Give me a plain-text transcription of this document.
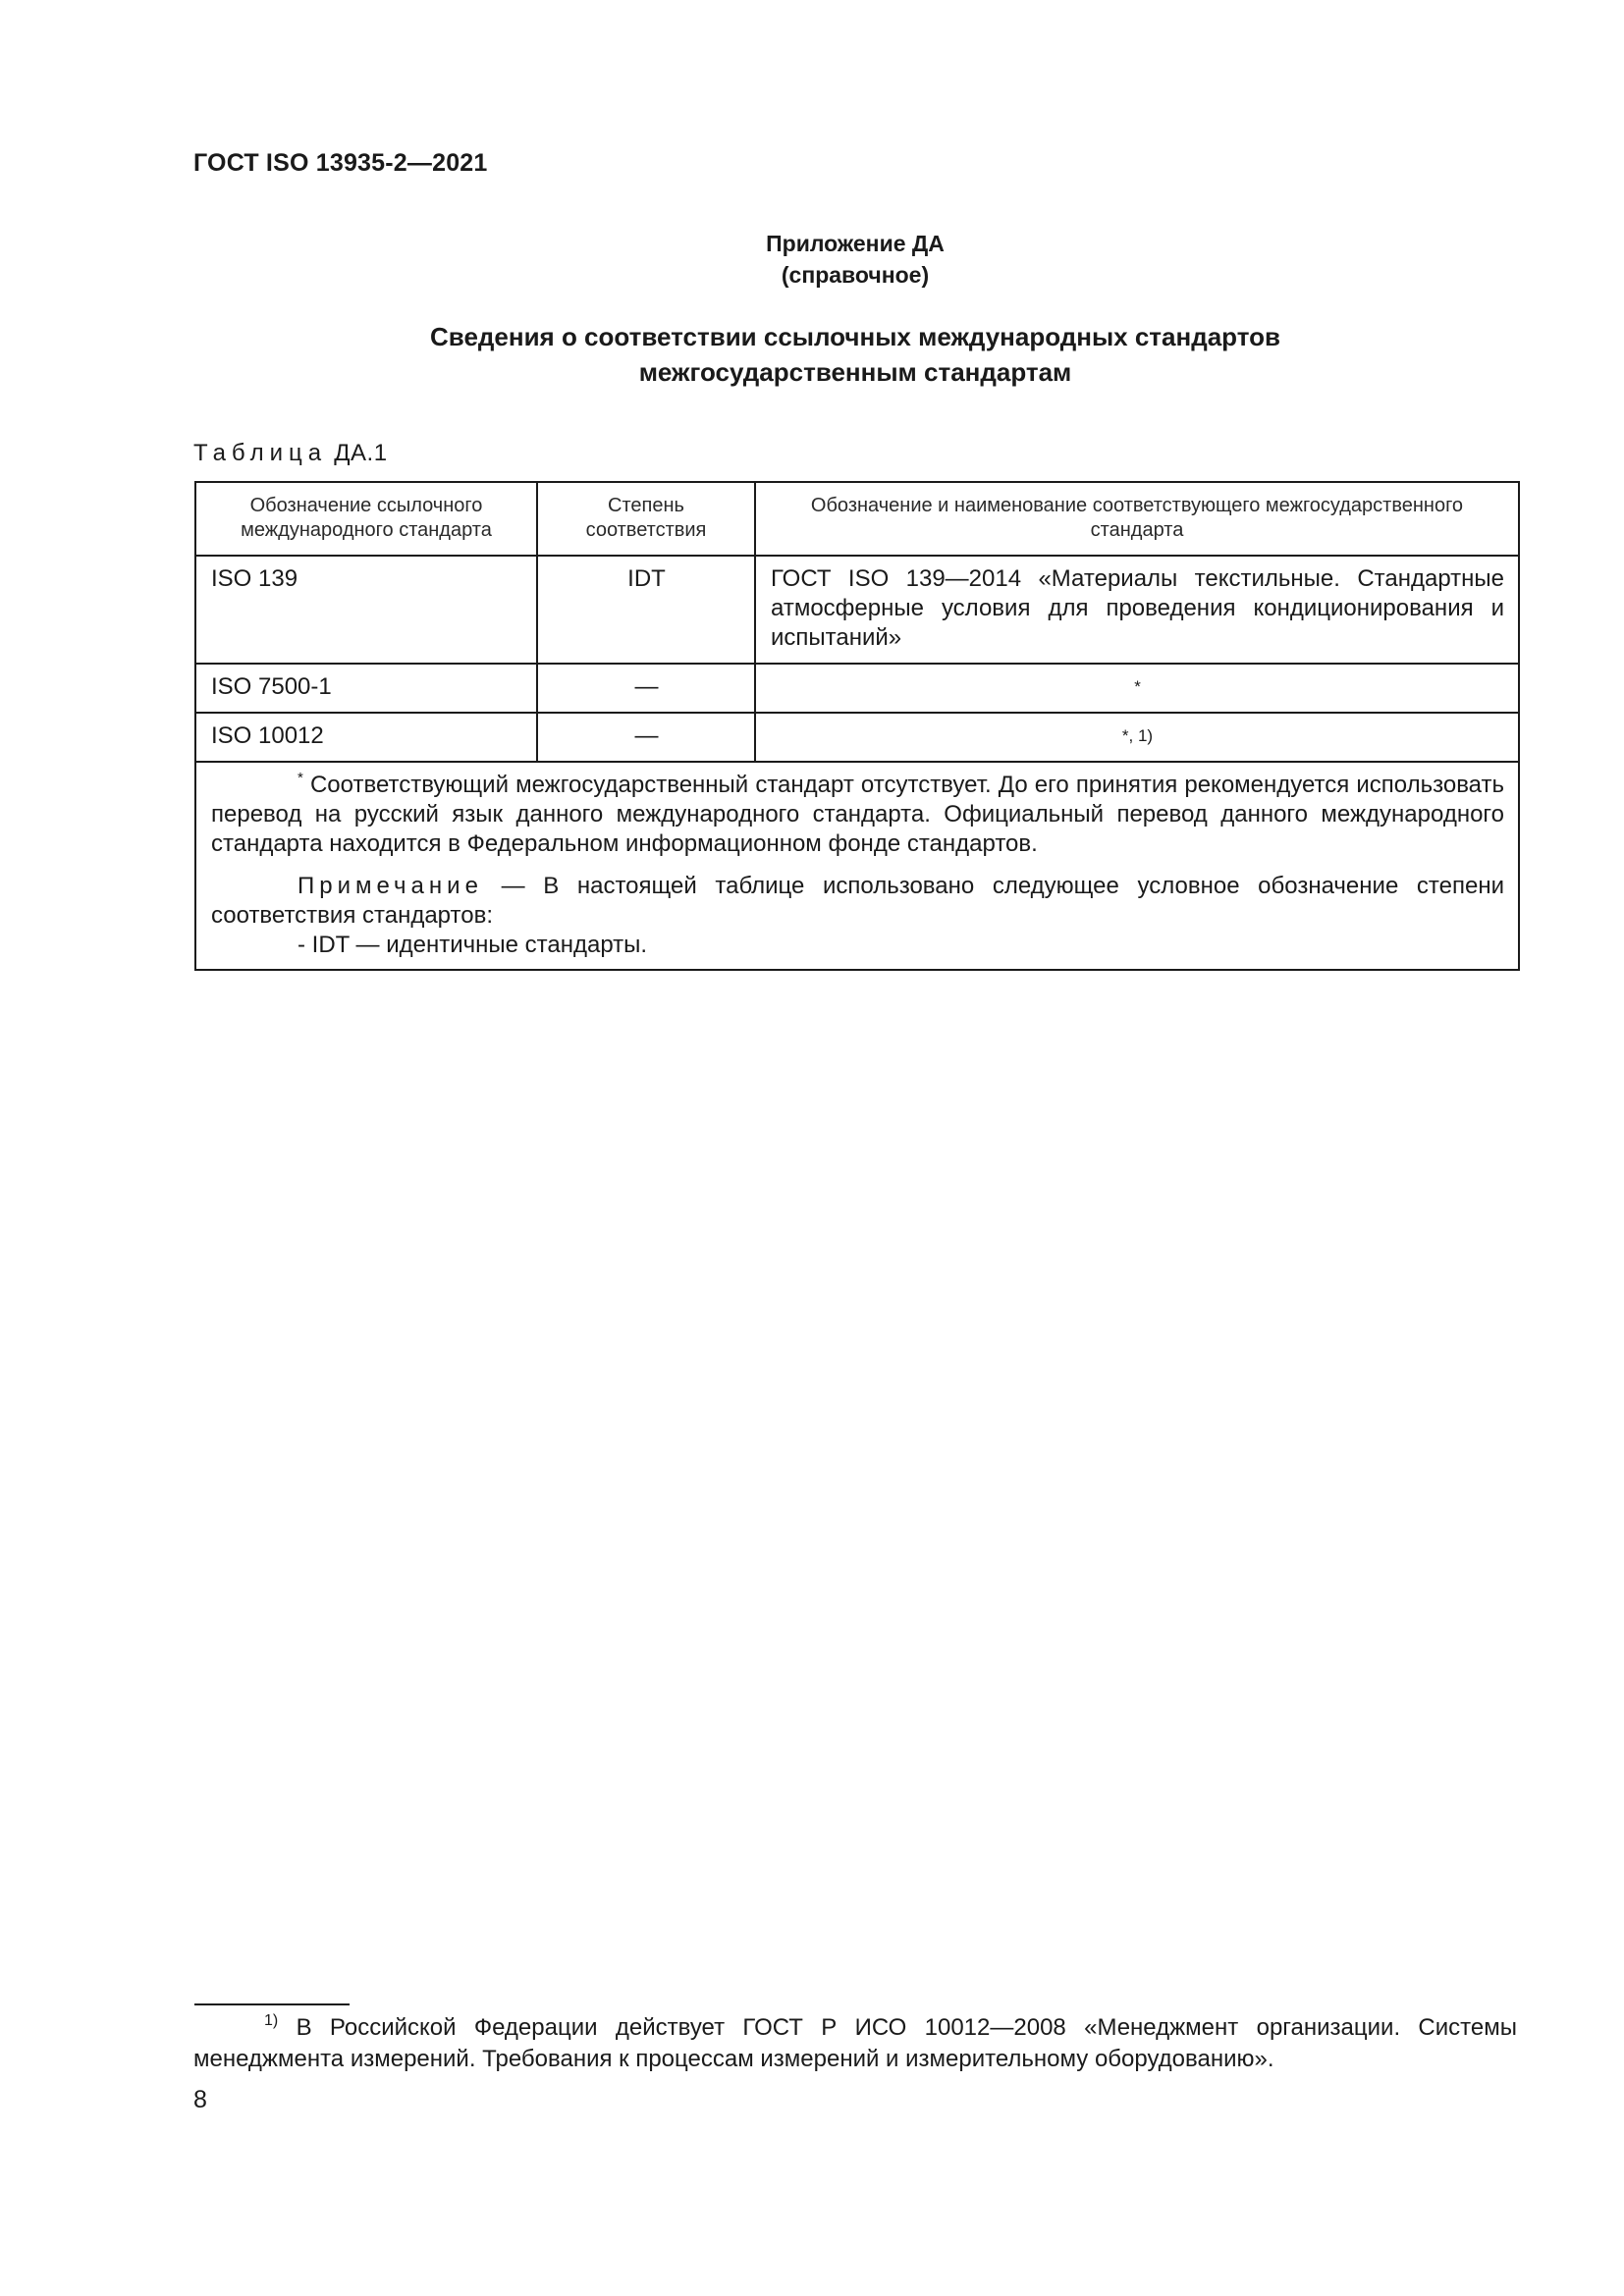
ГОСТ ISO 13935-2—2021
Приложение ДА
(справочное)
Сведения о соответствии ссылочных международных стандартов
межгосударственным стандартам
Таблица ДА.1
Обозначение ссылочного международного стандарта	Степень соответствия	Обозначение и наименование соответствующего межгосударственного стандарта
ISO 139	IDT	ГОСТ ISO 139—2014 «Материалы текстильные. Стандартные атмосферные условия для проведения кондиционирования и испытаний»
ISO 7500-1	—	*
ISO 10012	—	*, 1)

* Соответствующий межгосударственный стандарт отсутствует. До его принятия рекомендуется использовать перевод на русский язык данного международного стандарта. Официальный перевод данного международного стандарта находится в Федеральном информационном фонде стандартов.

Примечание — В настоящей таблице использовано следующее условное обозначение степени соответствия стандартов:

- IDT — идентичные стандарты.		

$^{1)}$ В Российской Федерации действует ГОСТ Р ИСО 10012—2008 «Менеджмент организации. Системы менеджмента измерений. Требования к процессам измерений и измерительному оборудованию».
8
